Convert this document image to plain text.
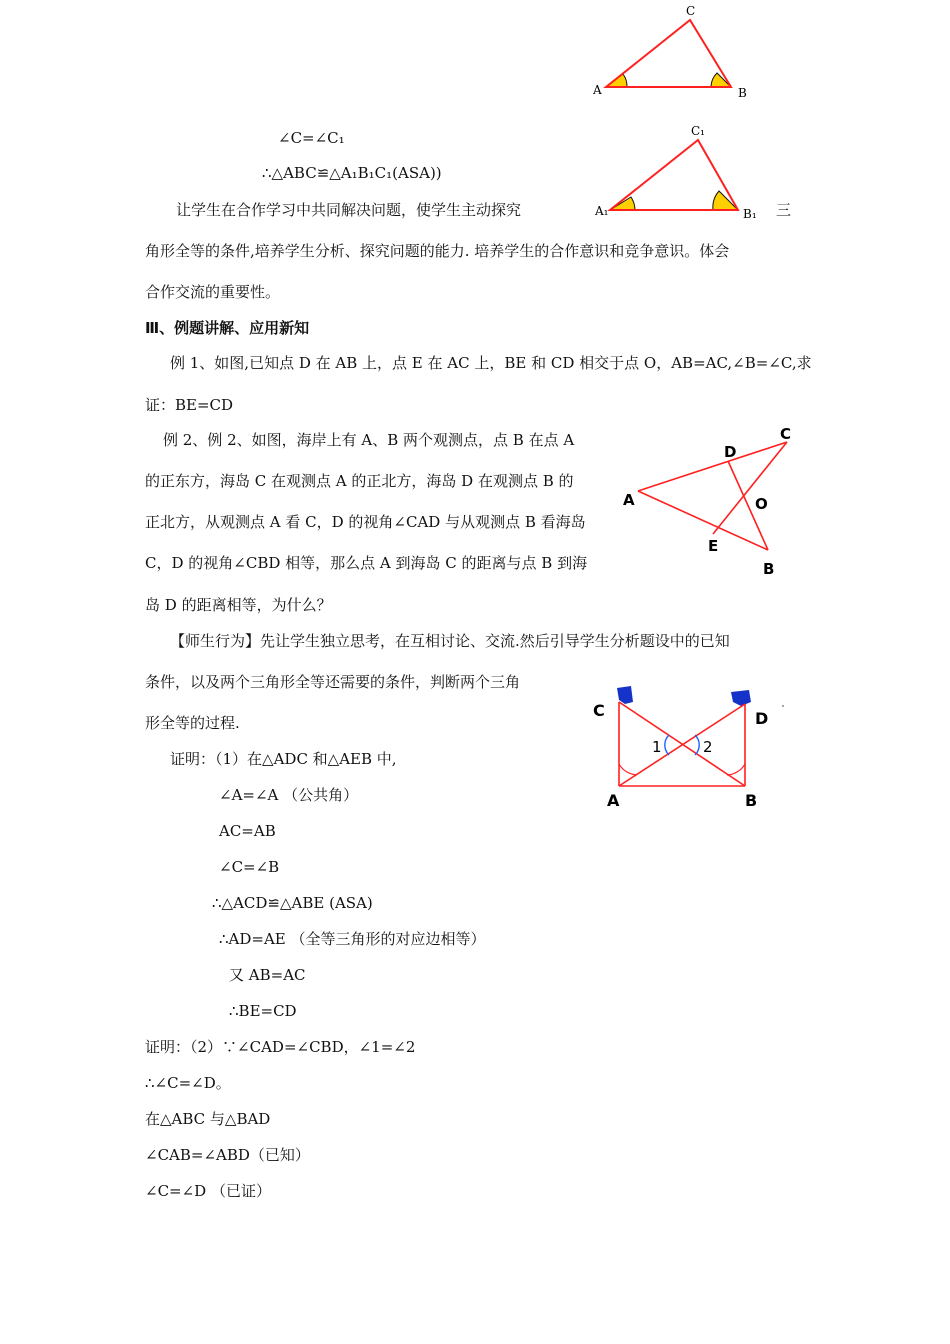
C
A	B
C₁
A₁	B₁
∠C=∠C₁
∴△ABC≌△A₁B₁C₁(ASA))
让学生在合作学习中共同解决问题，使学生主动探究	三
角形全等的条件,培养学生分析、探究问题的能力. 培养学生的合作意识和竞争意识。体会
合作交流的重要性。
Ⅲ、例题讲解、应用新知
例 1、如图,已知点 D 在 AB 上，点 E 在 AC 上，BE 和 CD 相交于点 O，AB=AC,∠B=∠C,求
证：BE=CD
例 2、例 2、如图，海岸上有 A、B 两个观测点，点 B 在点 A
的正东方，海岛 C 在观测点 A 的正北方，海岛 D 在观测点 B 的
正北方，从观测点 A 看 C，D 的视角∠CAD 与从观测点 B 看海岛
C，D 的视角∠CBD 相等，那么点 A 到海岛 C 的距离与点 B 到海
岛 D 的距离相等，为什么？
C
D
A	O
E
B
【师生行为】先让学生独立思考，在互相讨论、交流.然后引导学生分析题设中的已知
条件，以及两个三角形全等还需要的条件，判断两个三角
形全等的过程.
1	2
C	D
A	B
证明：（1）在△ADC 和△AEB 中,
∠A=∠A （公共角）
AC=AB
∠C=∠B
∴△ACD≌△ABE (ASA)
∴AD=AE （全等三角形的对应边相等）
又 AB=AC
∴BE=CD
证明：（2）∵∠CAD=∠CBD，∠1=∠2
∴∠C=∠D。
在△ABC 与△BAD
∠CAB=∠ABD（已知）
∠C=∠D （已证）
